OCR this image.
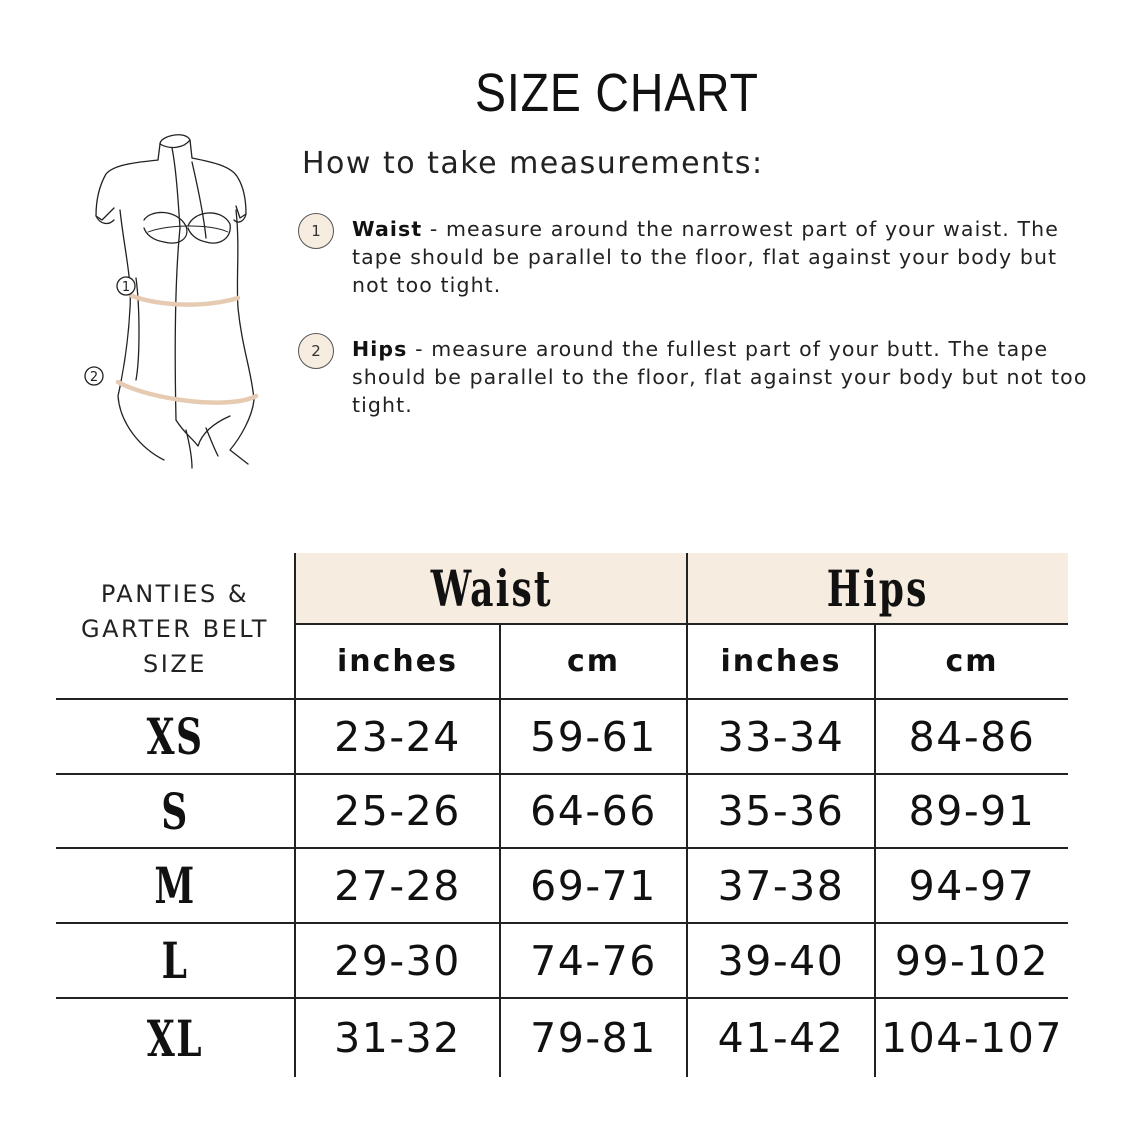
SIZE CHART
How to take measurements:
1	Waist - measure around the narrowest part of your waist. The tape should be parallel to the floor, flat against your body but not too tight.
2	Hips - measure around the fullest part of your butt. The tape should be parallel to the floor, flat against your body but not too tight.
1
2
Waist	Hips
PANTIES &
GARTER BELT
SIZE	inches	cm	inches	cm
XS	23-24	59-61	33-34	84-86
S	25-26	64-66	35-36	89-91
M	27-28	69-71	37-38	94-97
L	29-30	74-76	39-40	99-102
XL	31-32	79-81	41-42 104-107
